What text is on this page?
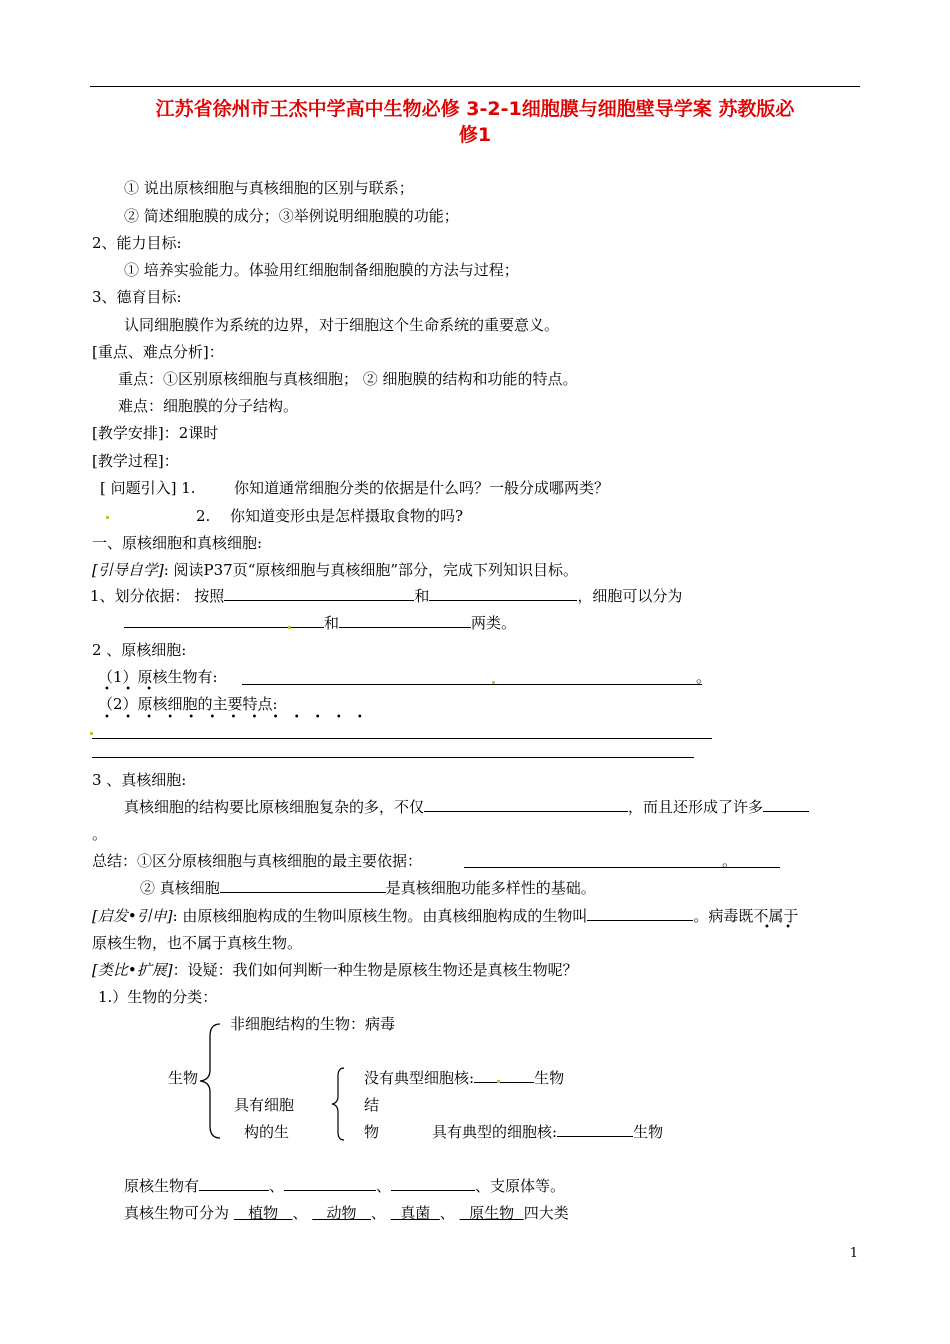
江苏省徐州市王杰中学高中生物必修 3-2-1细胞膜与细胞壁导学案 苏教版必
修1
① 说出原核细胞与真核细胞的区别与联系；
② 简述细胞膜的成分；③举例说明细胞膜的功能；
2、能力目标:
① 培养实验能力。体验用红细胞制备细胞膜的方法与过程；
3、德育目标:
认同细胞膜作为系统的边界，对于细胞这个生命系统的重要意义。
[重点、难点分析]：
重点：①区别原核细胞与真核细胞； ② 细胞膜的结构和功能的特点。
难点：细胞膜的分子结构。
[教学安排]：2课时
[教学过程]：
[ 问题引入] 1.	你知道通常细胞分类的依据是什么吗？一般分成哪两类？
2. 你知道变形虫是怎样摄取食物的吗?
一、原核细胞和真核细胞:
[引导自学]: 阅读P37页“原核细胞与真核细胞”部分，完成下列知识目标。
1、划分依据： 按照	和	，细胞可以分为
和	两类。
2 、原核细胞:
（1）原核生物有:	。
• • •
（2）原核细胞的主要特点:
• • • • • • • • • • • • •
3 、真核细胞:
真核细胞的结构要比原核细胞复杂的多，不仅	，而且还形成了许多
。
总结：①区分原核细胞与真核细胞的最主要依据：	。
② 真核细胞	是真核细胞功能多样性的基础。
[启发•引申]: 由原核细胞构成的生物叫原核生物。由真核细胞构成的生物叫	。病毒既不属于
• •
原核生物，也不属于真核生物。
[类比•扩展]：设疑：我们如何判断一种生物是原核生物还是真核生物呢？
1.）生物的分类：
非细胞结构的生物：病毒
生物
具有细胞
构的生
没有典型细胞核:	生物
结
物	具有典型的细胞核:	生物
原核生物有	、	、	、支原体等。
真核生物可分为 植物 、 动物 、 真菌 、 原生物 四大类
1
